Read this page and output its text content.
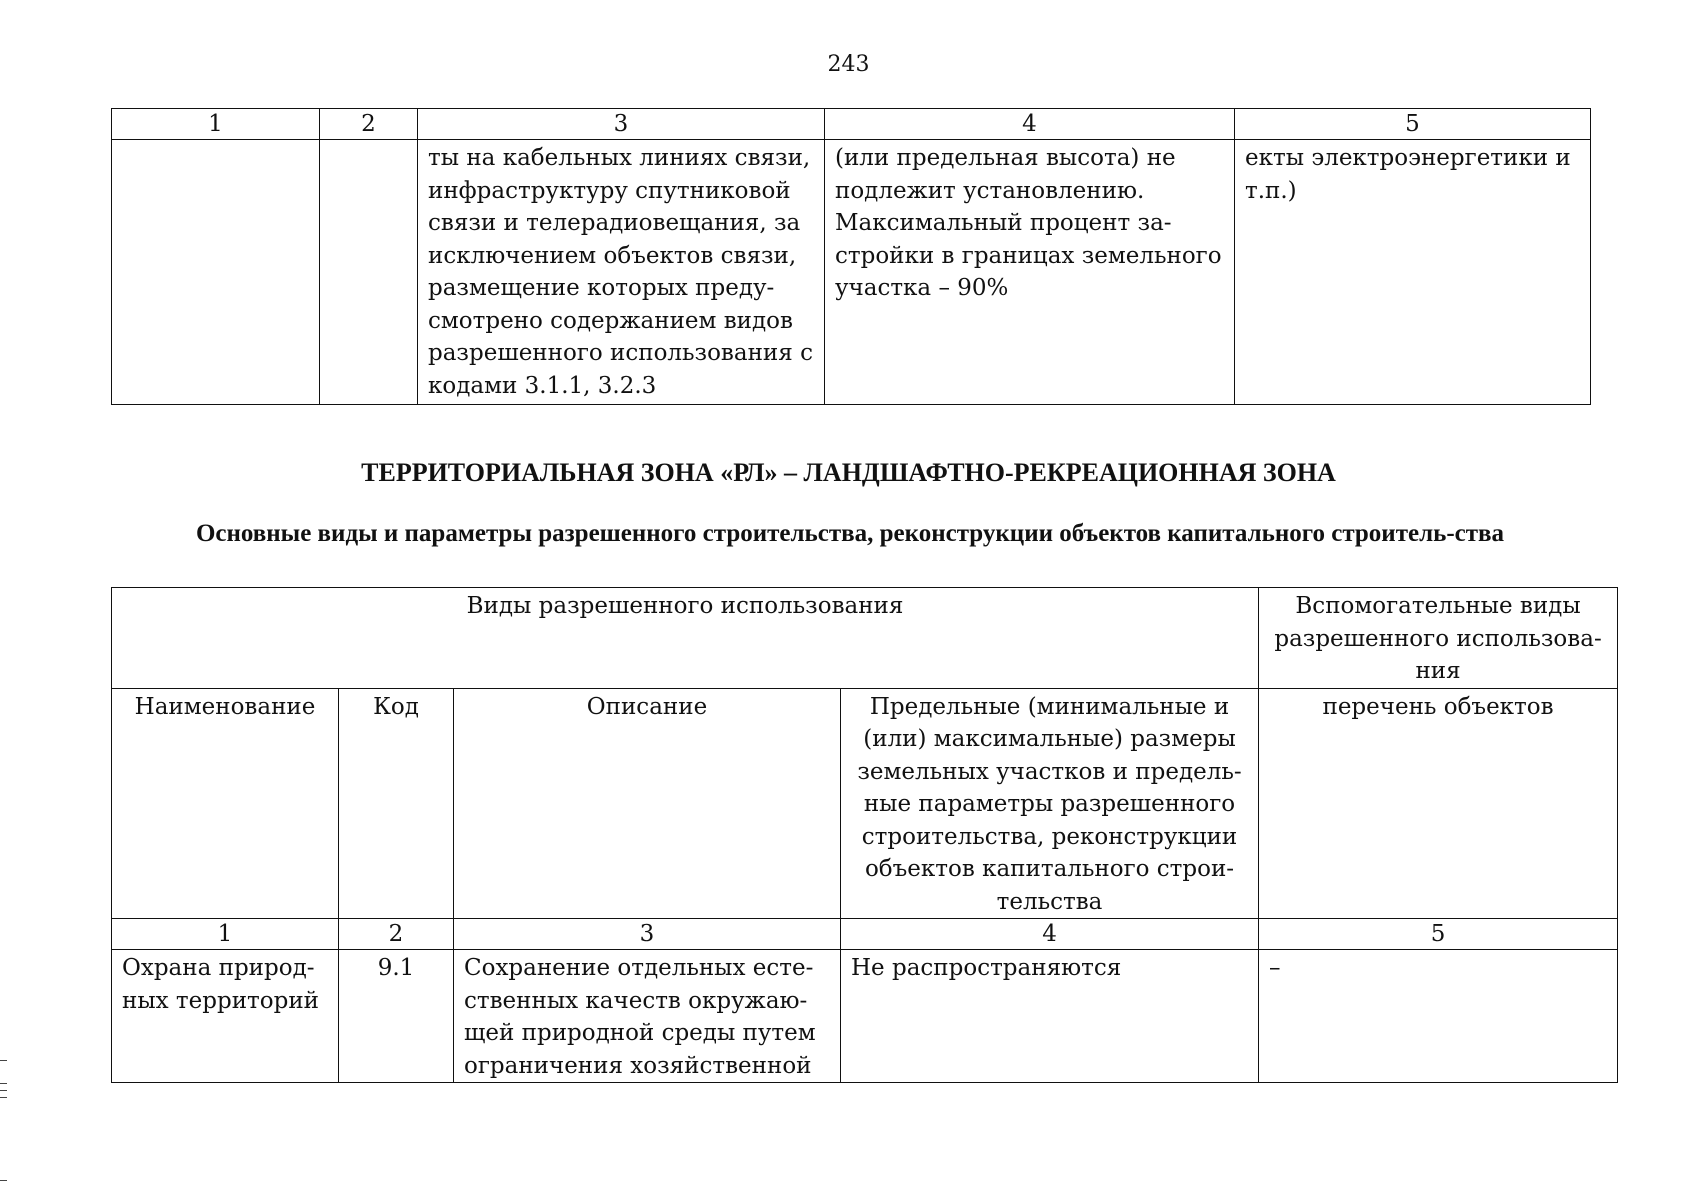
243
1	2	3	4	5
		ты на кабельных линиях связи, инфраструктуру спутниковой связи и телерадиовещания, за исключением объектов связи, размещение которых преду-смотрено содержанием видов разрешенного использования с кодами 3.1.1, 3.2.3	(или предельная высота) не подлежит установлению. Максимальный процент за-стройки в границах земельного участка – 90%	екты электроэнергетики и т.п.)
ТЕРРИТОРИАЛЬНАЯ ЗОНА «РЛ» – ЛАНДШАФТНО-РЕКРЕАЦИОННАЯ ЗОНА
Основные виды и параметры разрешенного строительства, реконструкции объектов капитального строитель-ства
Виды разрешенного использования				Вспомогательные виды разрешенного использова-ния
Наименование	Код	Описание	Предельные (минимальные и (или) максимальные) размеры земельных участков и предель-ные параметры разрешенного строительства, реконструкции объектов капитального строи-тельства	перечень объектов
1	2	3	4	5
Охрана природ-ных территорий	9.1	Сохранение отдельных есте-ственных качеств окружаю-щей природной среды путем ограничения хозяйственной	Не распространяются	–
